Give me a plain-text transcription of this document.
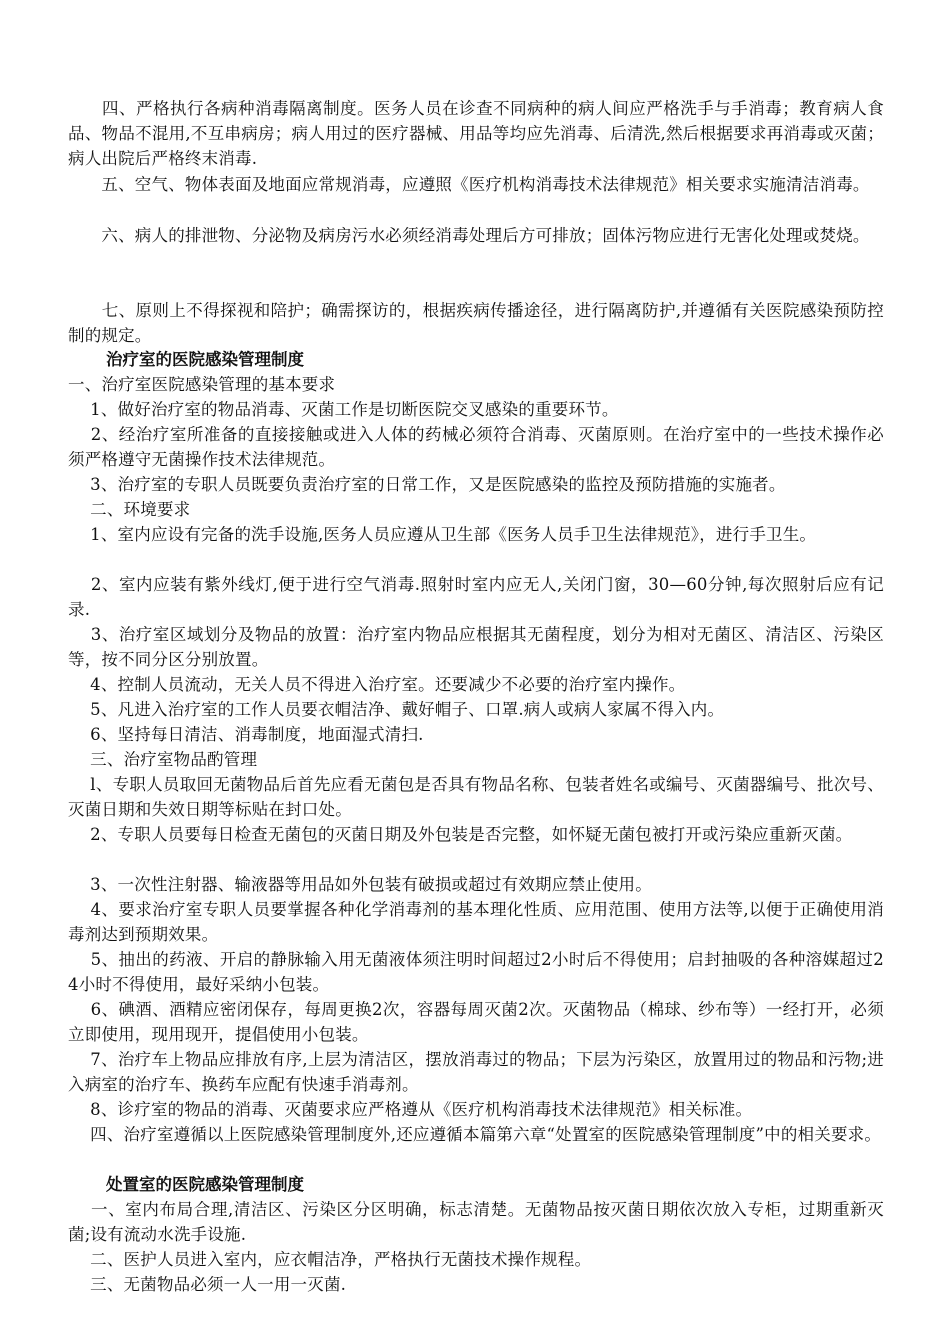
　　四、严格执行各病种消毒隔离制度。医务人员在诊查不同病种的病人间应严格洗手与手消毒；教育病人食品、物品不混用,不互串病房；病人用过的医疗器械、用品等均应先消毒、后清洗,然后根据要求再消毒或灭菌；病人出院后严格终末消毒.

　　五、空气、物体表面及地面应常规消毒，应遵照《医疗机构消毒技术法律规范》相关要求实施清洁消毒。

　　六、病人的排泄物、分泌物及病房污水必须经消毒处理后方可排放；固体污物应进行无害化处理或焚烧。

　　七、原则上不得探视和陪护；确需探访的，根据疾病传播途径，进行隔离防护,并遵循有关医院感染预防控制的规定。

治疗室的医院感染管理制度

一、治疗室医院感染管理的基本要求

　 1、做好治疗室的物品消毒、灭菌工作是切断医院交叉感染的重要环节。

　 2、经治疗室所准备的直接接触或进入人体的药械必须符合消毒、灭菌原则。在治疗室中的一些技术操作必须严格遵守无菌操作技术法律规范。

　 3、治疗室的专职人员既要负责治疗室的日常工作，又是医院感染的监控及预防措施的实施者。

　 二、环境要求

　 1、室内应设有完备的洗手设施,医务人员应遵从卫生部《医务人员手卫生法律规范》，进行手卫生。

　 2、室内应装有紫外线灯,便于进行空气消毒.照射时室内应无人,关闭门窗，30—60分钟,每次照射后应有记录.

　 3、治疗室区域划分及物品的放置：治疗室内物品应根据其无菌程度，划分为相对无菌区、清洁区、污染区等，按不同分区分别放置。

　 4、控制人员流动，无关人员不得进入治疗室。还要减少不必要的治疗室内操作。

　 5、凡进入治疗室的工作人员要衣帽洁净、戴好帽子、口罩.病人或病人家属不得入内。

　 6、坚持每日清洁、消毒制度，地面湿式清扫.

　 三、治疗室物品酌管理

　 l、专职人员取回无菌物品后首先应看无菌包是否具有物品名称、包装者姓名或编号、灭菌器编号、批次号、灭菌日期和失效日期等标贴在封口处。

　 2、专职人员要每日检查无菌包的灭菌日期及外包装是否完整，如怀疑无菌包被打开或污染应重新灭菌。

　 3、一次性注射器、输液器等用品如外包装有破损或超过有效期应禁止使用。

　 4、要求治疗室专职人员要掌握各种化学消毒剂的基本理化性质、应用范围、使用方法等,以便于正确使用消毒剂达到预期效果。

　 5、抽出的药液、开启的静脉输入用无菌液体须注明时间超过2小时后不得使用；启封抽吸的各种溶媒超过24小时不得使用，最好采纳小包装。

　 6、碘酒、酒精应密闭保存，每周更换2次，容器每周灭菌2次。灭菌物品（棉球、纱布等）一经打开，必须立即使用，现用现开，提倡使用小包装。

　 7、治疗车上物品应排放有序,上层为清洁区，摆放消毒过的物品；下层为污染区，放置用过的物品和污物;进入病室的治疗车、换药车应配有快速手消毒剂。

　 8、诊疗室的物品的消毒、灭菌要求应严格遵从《医疗机构消毒技术法律规范》相关标准。

　 四、治疗室遵循以上医院感染管理制度外,还应遵循本篇第六章“处置室的医院感染管理制度”中的相关要求。

处置室的医院感染管理制度

　 一、室内布局合理,清洁区、污染区分区明确，标志清楚。无菌物品按灭菌日期依次放入专柜，过期重新灭菌;设有流动水洗手设施.

　 二、医护人员进入室内，应衣帽洁净，严格执行无菌技术操作规程。

　 三、无菌物品必须一人一用一灭菌.
